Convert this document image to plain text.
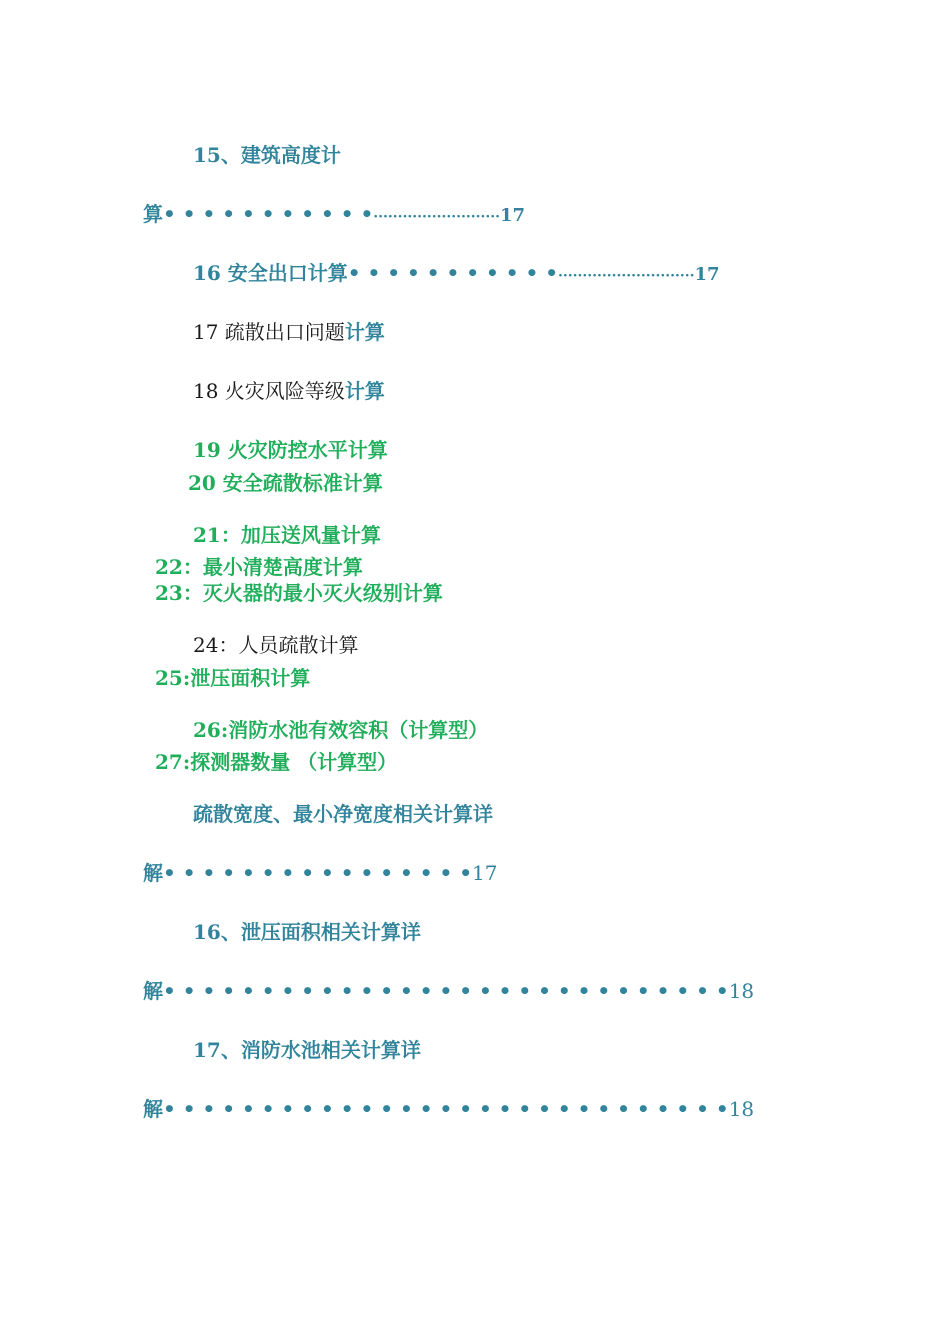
15、建筑高度计
算• • • • • • • • • • •··························17
16 安全出口计算• • • • • • • • • • •····························17
17 疏散出口问题计算
18 火灾风险等级计算
19 火灾防控水平计算
20 安全疏散标准计算
21：加压送风量计算
22：最小清楚高度计算
23：灭火器的最小灭火级别计算
24：人员疏散计算
25:泄压面积计算
26:消防水池有效容积（计算型）
27:探测器数量 （计算型）
疏散宽度、最小净宽度相关计算详
解• • • • • • • • • • • • • • • •17
16、泄压面积相关计算详
解• • • • • • • • • • • • • • • • • • • • • • • • • • • • •18
17、消防水池相关计算详
解• • • • • • • • • • • • • • • • • • • • • • • • • • • • •18
